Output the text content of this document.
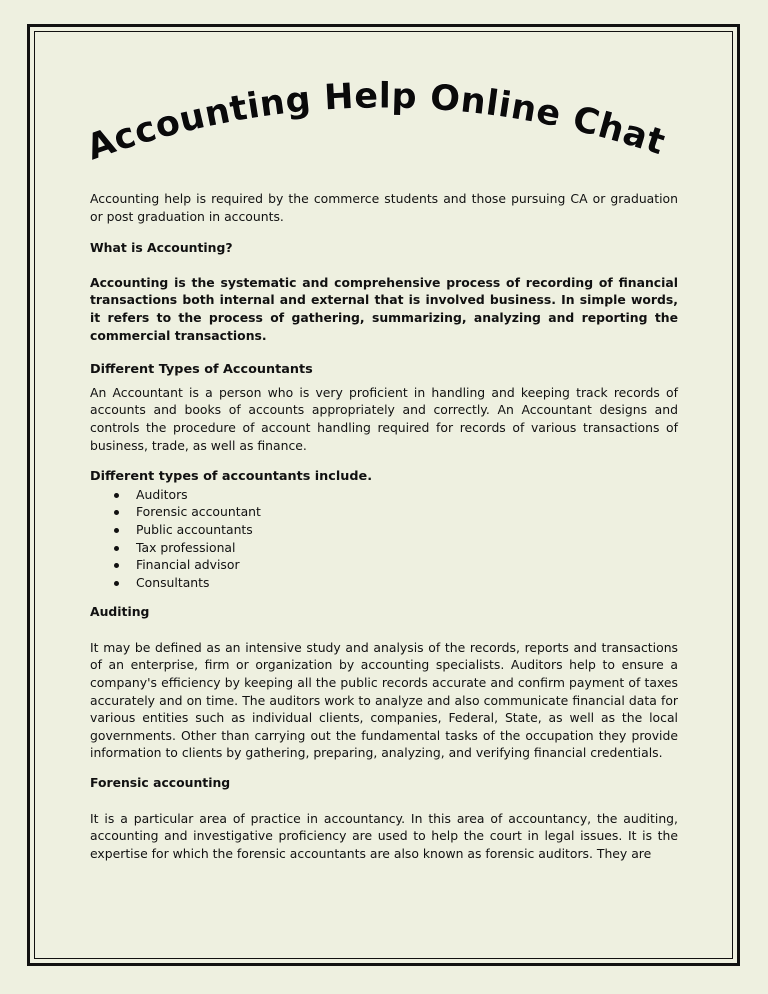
Accounting Help Online Chat

Accounting help is required by the commerce students and those pursuing CA or graduation or post graduation in accounts.

What is Accounting?

Accounting is the systematic and comprehensive process of recording of financial transactions both internal and external that is involved business. In simple words, it refers to the process of gathering, summarizing, analyzing and reporting the commercial transactions.

Different Types of Accountants

An Accountant is a person who is very proficient in handling and keeping track records of accounts and books of accounts appropriately and correctly. An Accountant designs and controls the procedure of account handling required for records of various transactions of business, trade, as well as finance.

Different types of accountants include.

Auditors
Forensic accountant
Public accountants
Tax professional
Financial advisor
Consultants

Auditing

It may be defined as an intensive study and analysis of the records, reports and transactions of an enterprise, firm or organization by accounting specialists. Auditors help to ensure a company's efficiency by keeping all the public records accurate and confirm payment of taxes accurately and on time. The auditors work to analyze and also communicate financial data for various entities such as individual clients, companies, Federal, State, as well as the local governments. Other than carrying out the fundamental tasks of the occupation they provide information to clients by gathering, preparing, analyzing, and verifying financial credentials.

Forensic accounting

It is a particular area of practice in accountancy. In this area of accountancy, the auditing, accounting and investigative proficiency are used to help the court in legal issues. It is the expertise for which the forensic accountants are also known as forensic auditors. They are
